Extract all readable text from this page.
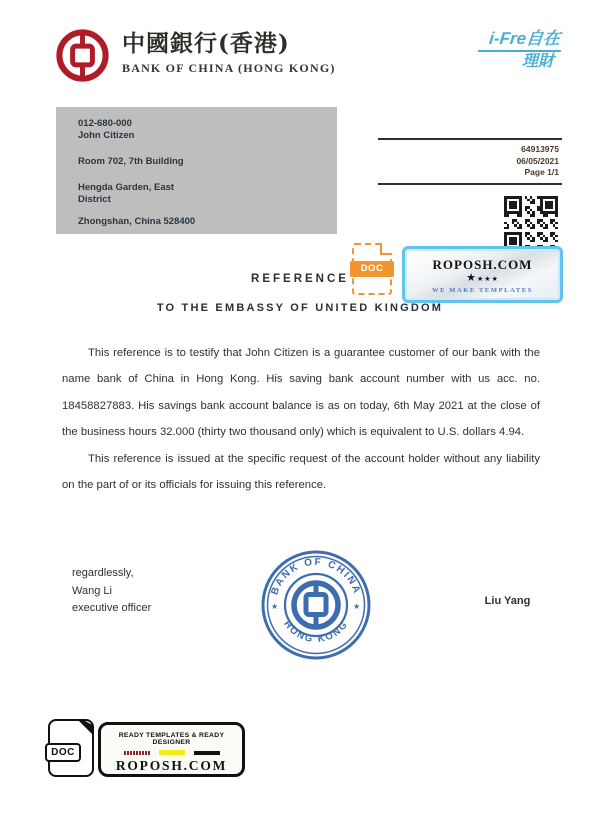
中國銀行(香港)
BANK OF CHINA (HONG KONG)
i-Fre自在
理財
012-680-000
John Citizen
Room 702, 7th Building
Hengda Garden, East
District
Zhongshan, China 528400
64913975
06/05/2021
Page 1/1
DOC	ROPOSH.COM
★★★★
WE MAKE TEMPLATES
REFERENCE
TO THE EMBASSY OF UNITED KINGDOM

This reference is to testify that John Citizen is a guarantee customer of our bank with the name bank of China in Hong Kong. His saving bank account number with us acc. no. 18458827883. His savings bank account balance is as on today, 6th May 2021 at the close of the business hours 32.000 (thirty two thousand only) which is equivalent to U.S. dollars 4.94.

This reference is issued at the specific request of the account holder without any liability on the part of or its officials for issuing this reference.

regardlessly,
Wang Li
executive officer
BANK OF CHINA
HONG KONG
★	★	Liu Yang
DOC
READY TEMPLATES & READY DESIGNER
ROPOSH.COM
